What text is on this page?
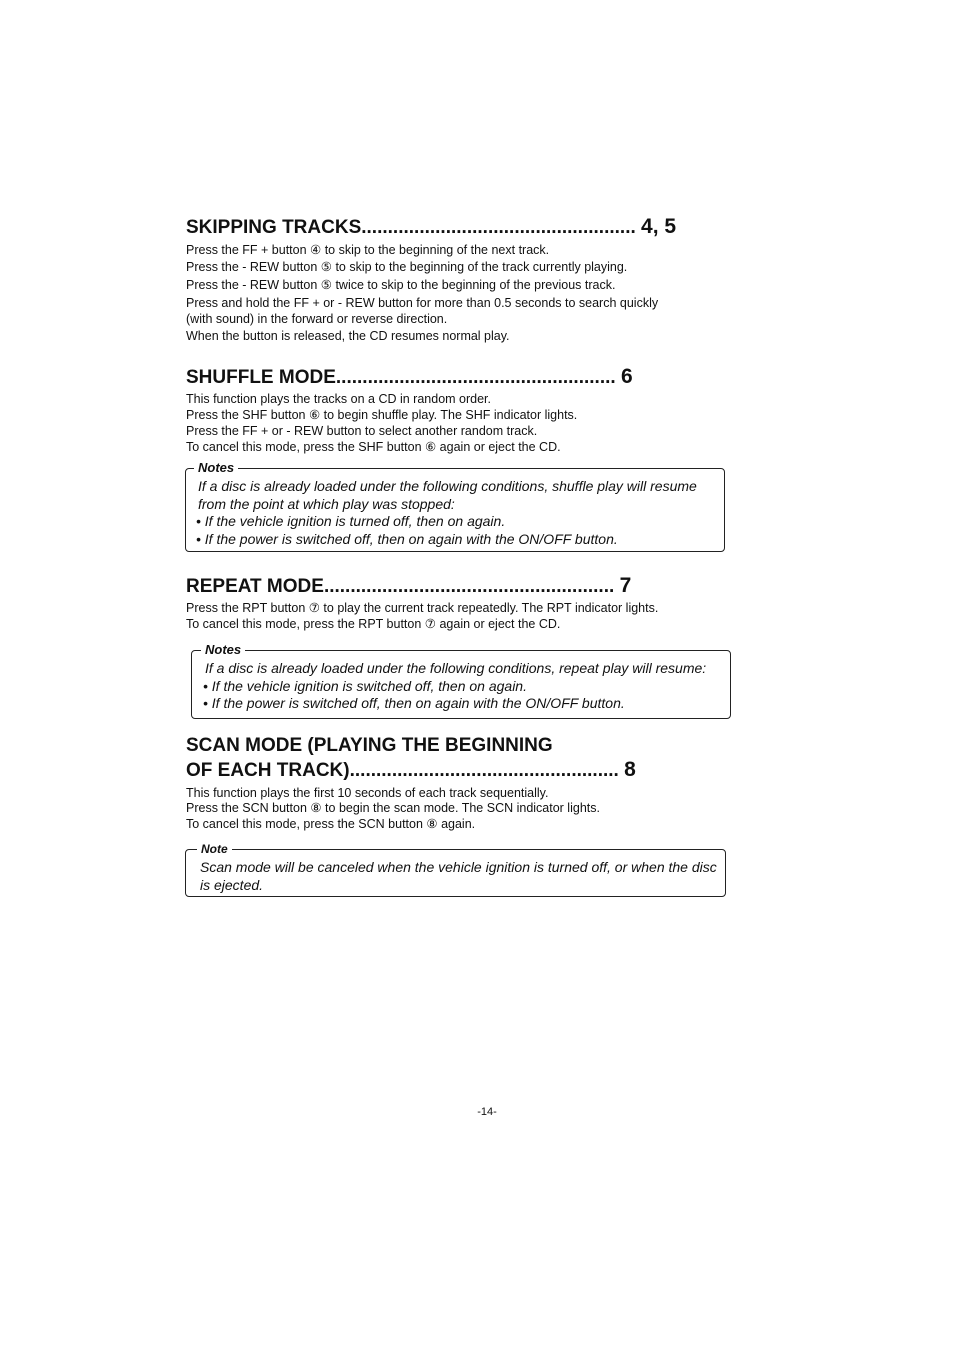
SKIPPING TRACKS.................................................... 4, 5
Press the FF + button ④ to skip to the beginning of the next track.
Press the - REW button ⑤ to skip to the beginning of the track currently playing.
Press the - REW button ⑤ twice to skip to the beginning of the previous track.
Press and hold the FF + or - REW button for more than 0.5 seconds to search quickly
(with sound) in the forward or reverse direction.
When the button is released, the CD resumes normal play.
SHUFFLE MODE..................................................... 6
This function plays the tracks on a CD in random order.
Press the SHF button ⑥ to begin shuffle play. The SHF indicator lights.
Press the FF + or - REW button to select another random track.
To cancel this mode, press the SHF button ⑥ again or eject the CD.
Notes
If a disc is already loaded under the following conditions, shuffle play will resume
from the point at which play was stopped:
• If the vehicle ignition is turned off, then on again.
• If the power is switched off, then on again with the ON/OFF button.
REPEAT MODE....................................................... 7
Press the RPT button ⑦ to play the current track repeatedly. The RPT indicator lights.
To cancel this mode, press the RPT button ⑦ again or eject the CD.
Notes
If a disc is already loaded under the following conditions, repeat play will resume:
• If the vehicle ignition is switched off, then on again.
• If the power is switched off, then on again with the ON/OFF button.
SCAN MODE (PLAYING THE BEGINNING
OF EACH TRACK)................................................... 8
This function plays the first 10 seconds of each track sequentially.
Press the SCN button ⑧ to begin the scan mode. The SCN indicator lights.
To cancel this mode, press the SCN button ⑧ again.
Note
Scan mode will be canceled when the vehicle ignition is turned off, or when the disc
is ejected.
-14-
